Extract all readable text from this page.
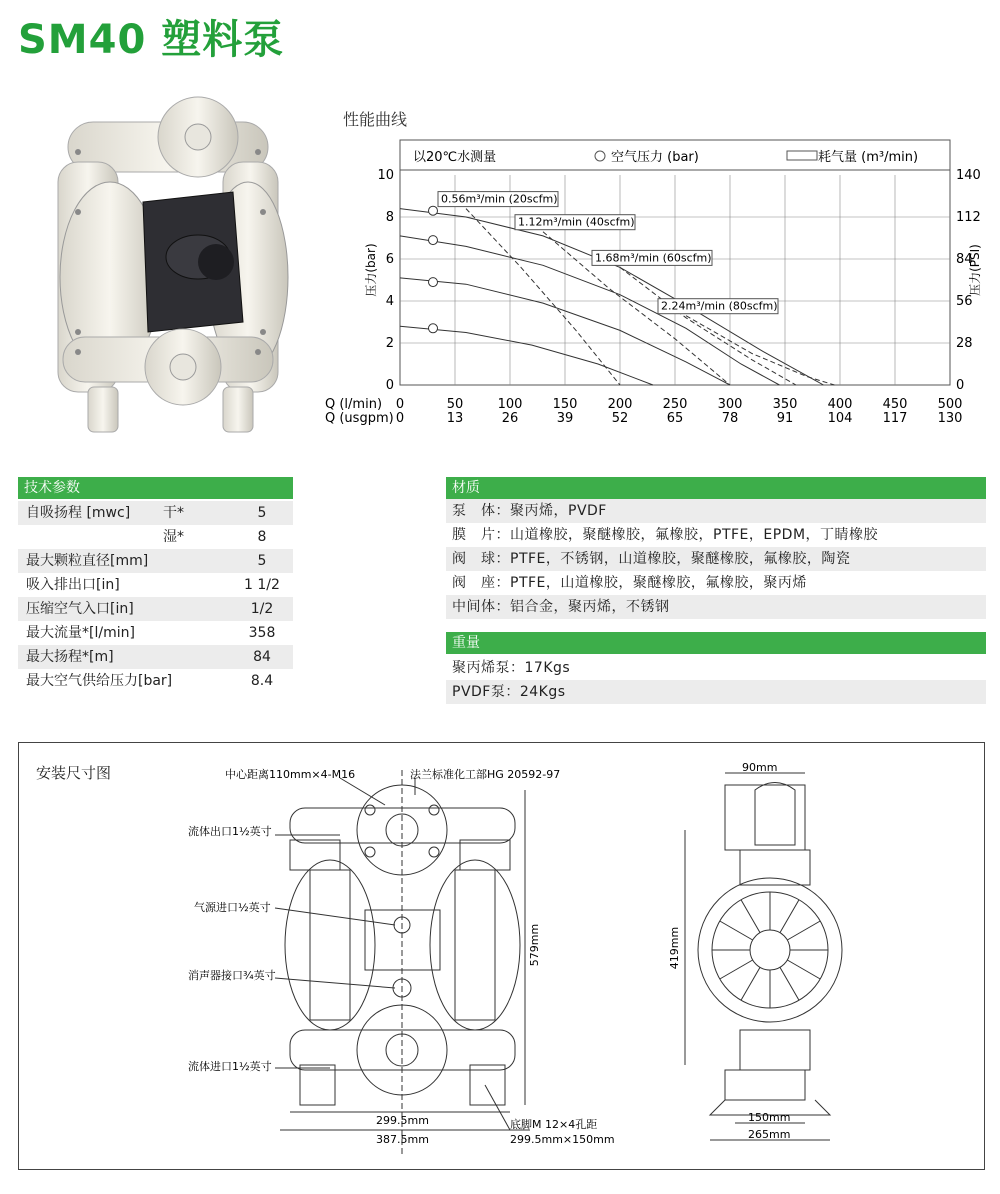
SM40 塑料泵
性能曲线
以20℃水测量	空气压力 (bar)	耗气量 (m³/min)
0.56m³/min (20scfm)
1.12m³/min (40scfm)
1.68m³/min (60scfm)
2.24m³/min (80scfm)
0	50	100 150 200 250 300 350 400 450 500
0	13	26	39	52	65	78	91	104 117 130
0
2
4
6
8
10
0
28
56
84
112
140
压力(bar)	压力(PSI)
Q (l/min)
Q (usgpm)
技术参数
自吸扬程 [mwc] 干*	5
湿*	8
最大颗粒直径[mm]	5
吸入排出口[in]	1 1/2
压缩空气入口[in]	1/2
最大流量*[l/min]	358
最大扬程*[m]	84
最大空气供给压力[bar]	8.4
材质
泵　体：聚丙烯，PVDF
膜　片：山道橡胶，聚醚橡胶，氟橡胶，PTFE，EPDM，丁睛橡胶
阀　球：PTFE，不锈钢，山道橡胶，聚醚橡胶，氟橡胶，陶瓷
阀　座：PTFE，山道橡胶，聚醚橡胶，氟橡胶，聚丙烯
中间体：铝合金，聚丙烯，不锈钢
重量
聚丙烯泵：17Kgs
PVDF泵：24Kgs
安装尺寸图	中心距离110mm×4-M16	法兰标准化工部HG 20592-97
流体出口1½英寸
气源进口½英寸
消声器接口¾英寸
流体进口1½英寸
579mm
299.5mm
387.5mm
底脚M 12×4孔距
299.5mm×150mm
90mm
419mm
150mm
265mm
